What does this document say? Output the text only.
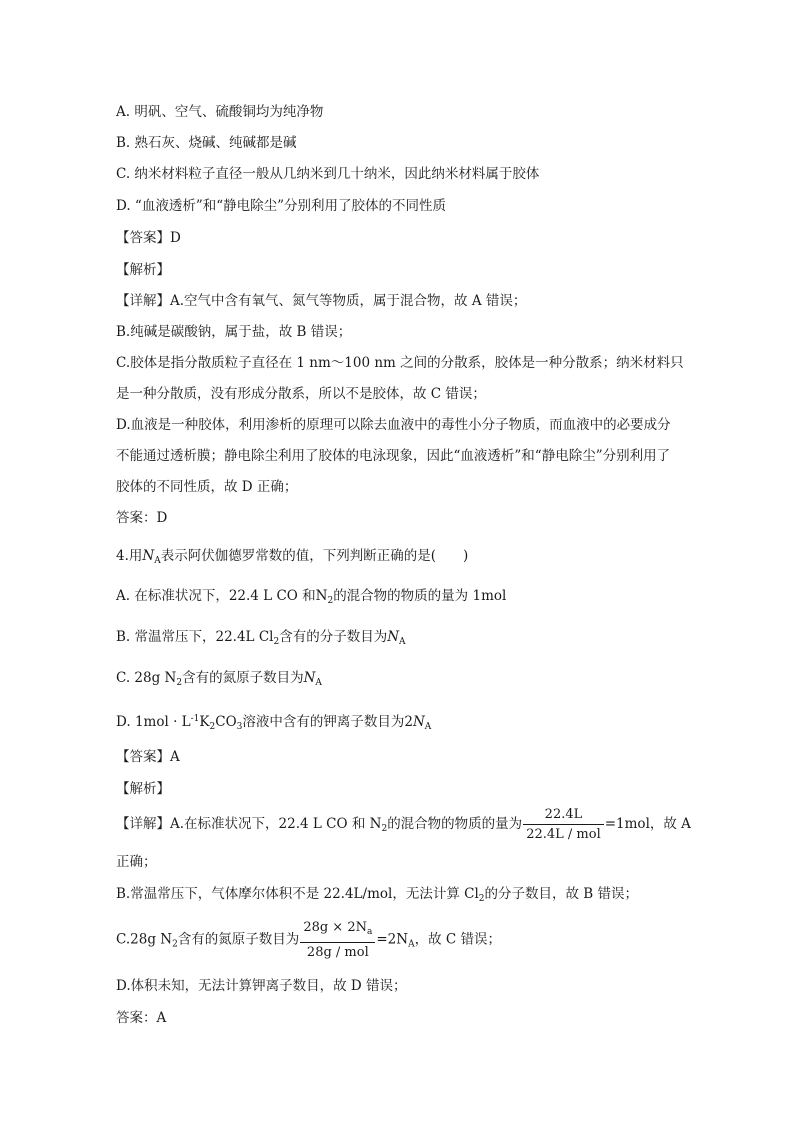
A. 明矾、空气、硫酸铜均为纯净物
B. 熟石灰、烧碱、纯碱都是碱
C. 纳米材料粒子直径一般从几纳米到几十纳米，因此纳米材料属于胶体
D. “血液透析”和“静电除尘”分别利用了胶体的不同性质
【答案】D
【解析】
【详解】A.空气中含有氧气、氮气等物质，属于混合物，故 A 错误；
B.纯碱是碳酸钠，属于盐，故 B 错误；
C.胶体是指分散质粒子直径在 1 nm～100 nm 之间的分散系，胶体是一种分散系；纳米材料只
是一种分散质，没有形成分散系，所以不是胶体，故 C 错误；
D.血液是一种胶体，利用渗析的原理可以除去血液中的毒性小分子物质，而血液中的必要成分
不能通过透析膜；静电除尘利用了胶体的电泳现象，因此“血液透析”和“静电除尘”分别利用了
胶体的不同性质，故 D 正确；
答案：D
4.用$N_A$表示阿伏伽德罗常数的值，下列判断正确的是(　　)
A. 在标准状况下，22.4 L CO 和$N_2$的混合物的物质的量为 1mol
B. 常温常压下，22.4L $Cl_2$含有的分子数目为$N_A$
C. 28g $N_2$含有的氮原子数目为$N_A$
D. $1mol \cdot L^{-1}K_2CO_3$溶液中含有的钾离子数目为$2N_A$
【答案】A
【解析】
【详解】A.在标准状况下，22.4 L CO 和 $N_2$的混合物的物质的量为 $\frac{22.4L}{\text{22.4L / mol}} =1mol$，故 A
正确；
B.常温常压下，气体摩尔体积不是 22.4L/mol，无法计算 $Cl_2$的分子数目，故 B 错误；
C.28g $N_2$含有的氮原子数目为 $\frac{28g \times 2N_a}{\text{28g / mol}} =2N_A$，故 C 错误；
D.体积未知，无法计算钾离子数目，故 D 错误；
答案：A
